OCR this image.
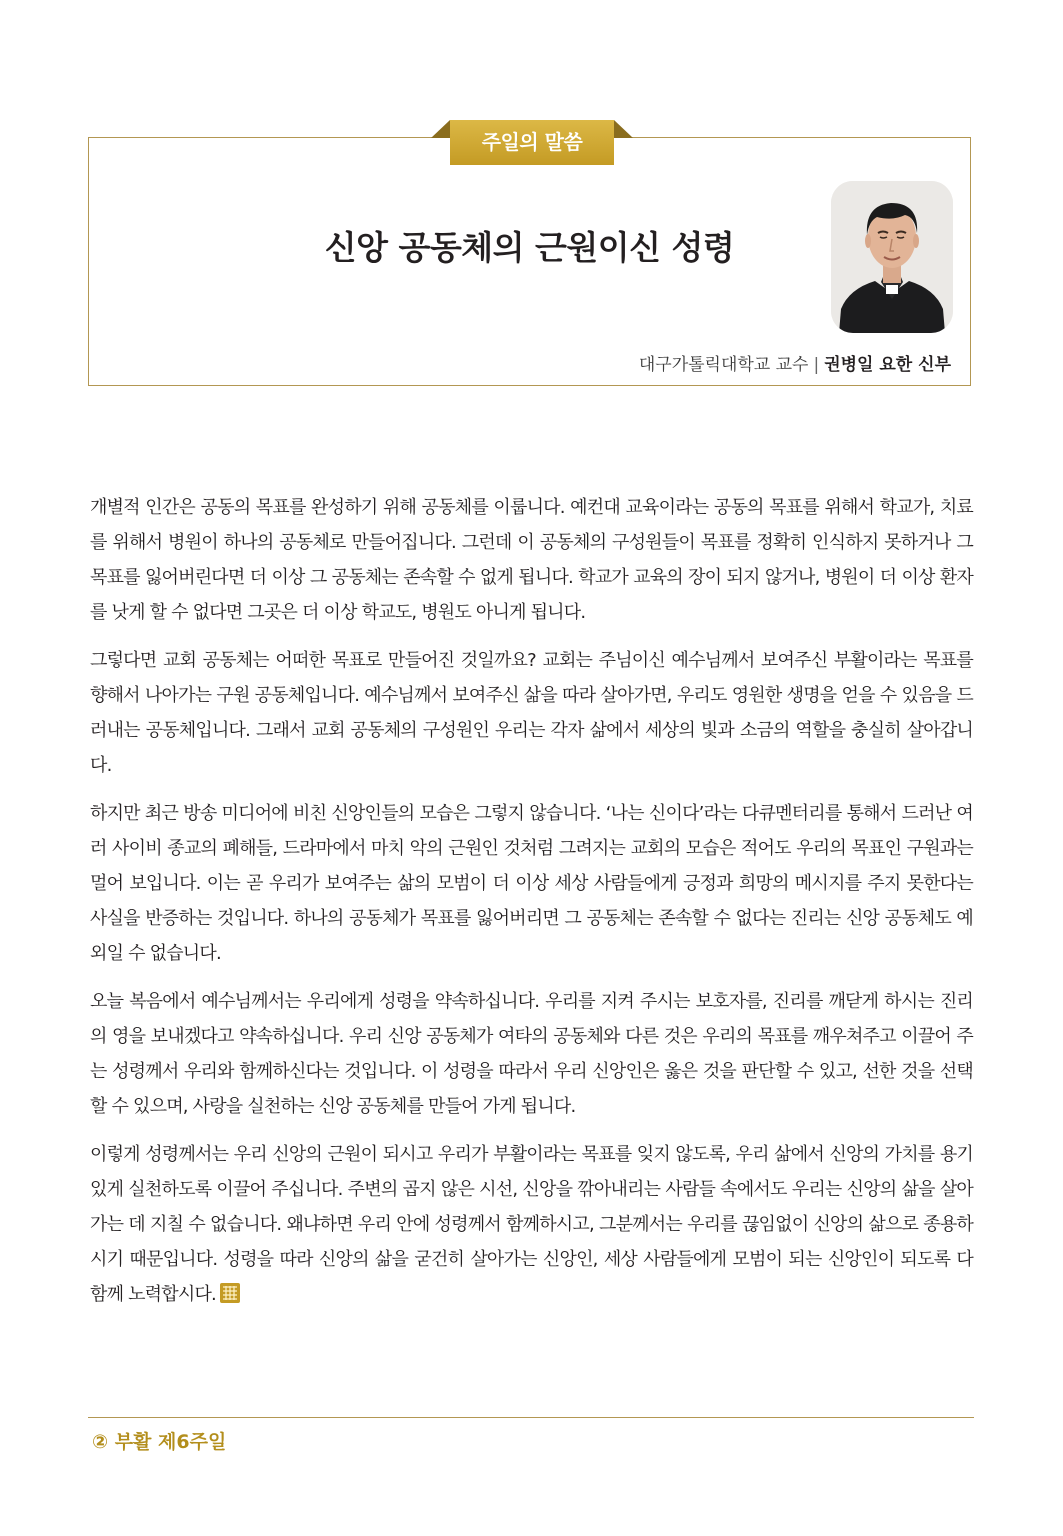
주일의 말씀
신앙 공동체의 근원이신 성령
대구가톨릭대학교 교수 | 권병일 요한 신부

개별적 인간은 공동의 목표를 완성하기 위해 공동체를 이룹니다. 예컨대 교육이라는 공동의 목표를 위해서 학교가, 치료를 위해서 병원이 하나의 공동체로 만들어집니다. 그런데 이 공동체의 구성원들이 목표를 정확히 인식하지 못하거나 그 목표를 잃어버린다면 더 이상 그 공동체는 존속할 수 없게 됩니다. 학교가 교육의 장이 되지 않거나, 병원이 더 이상 환자를 낫게 할 수 없다면 그곳은 더 이상 학교도, 병원도 아니게 됩니다.

그렇다면 교회 공동체는 어떠한 목표로 만들어진 것일까요? 교회는 주님이신 예수님께서 보여주신 부활이라는 목표를 향해서 나아가는 구원 공동체입니다. 예수님께서 보여주신 삶을 따라 살아가면, 우리도 영원한 생명을 얻을 수 있음을 드러내는 공동체입니다. 그래서 교회 공동체의 구성원인 우리는 각자 삶에서 세상의 빛과 소금의 역할을 충실히 살아갑니다.

하지만 최근 방송 미디어에 비친 신앙인들의 모습은 그렇지 않습니다. ‘나는 신이다’라는 다큐멘터리를 통해서 드러난 여러 사이비 종교의 폐해들, 드라마에서 마치 악의 근원인 것처럼 그려지는 교회의 모습은 적어도 우리의 목표인 구원과는 멀어 보입니다. 이는 곧 우리가 보여주는 삶의 모범이 더 이상 세상 사람들에게 긍정과 희망의 메시지를 주지 못한다는 사실을 반증하는 것입니다. 하나의 공동체가 목표를 잃어버리면 그 공동체는 존속할 수 없다는 진리는 신앙 공동체도 예외일 수 없습니다.

오늘 복음에서 예수님께서는 우리에게 성령을 약속하십니다. 우리를 지켜 주시는 보호자를, 진리를 깨닫게 하시는 진리의 영을 보내겠다고 약속하십니다. 우리 신앙 공동체가 여타의 공동체와 다른 것은 우리의 목표를 깨우쳐주고 이끌어 주는 성령께서 우리와 함께하신다는 것입니다. 이 성령을 따라서 우리 신앙인은 옳은 것을 판단할 수 있고, 선한 것을 선택할 수 있으며, 사랑을 실천하는 신앙 공동체를 만들어 가게 됩니다.

이렇게 성령께서는 우리 신앙의 근원이 되시고 우리가 부활이라는 목표를 잊지 않도록, 우리 삶에서 신앙의 가치를 용기 있게 실천하도록 이끌어 주십니다. 주변의 곱지 않은 시선, 신앙을 깎아내리는 사람들 속에서도 우리는 신앙의 삶을 살아가는 데 지칠 수 없습니다. 왜냐하면 우리 안에 성령께서 함께하시고, 그분께서는 우리를 끊임없이 신앙의 삶으로 종용하시기 때문입니다. 성령을 따라 신앙의 삶을 굳건히 살아가는 신앙인, 세상 사람들에게 모범이 되는 신앙인이 되도록 다 함께 노력합시다.

② 부활 제6주일
